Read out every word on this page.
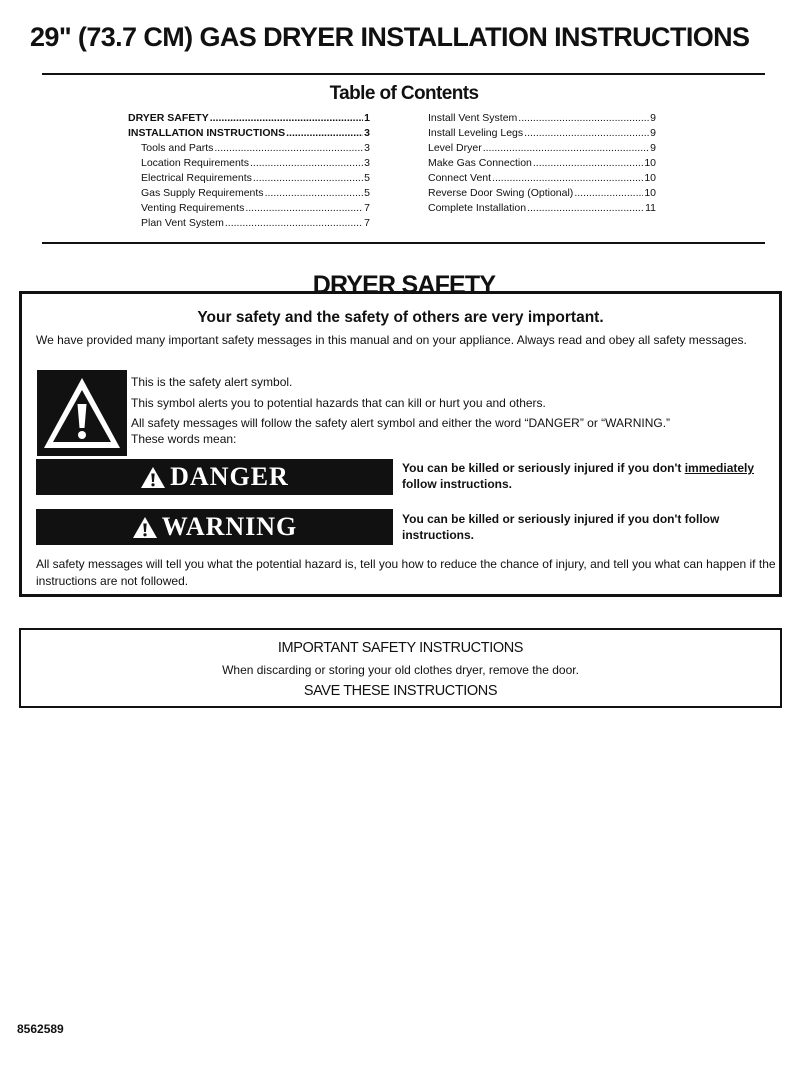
29" (73.7 CM) GAS DRYER INSTALLATION INSTRUCTIONS
Table of Contents
DRYER SAFETY .....	1
INSTALLATION INSTRUCTIONS .....	3
Tools and Parts .....	3
Location Requirements .....	3
Electrical Requirements .....	5
Gas Supply Requirements .....	5
Venting Requirements .....	7
Plan Vent System .....	7
Install Vent System .....	9
Install Leveling Legs .....	9
Level Dryer .....	9
Make Gas Connection .....	10
Connect Vent .....	10
Reverse Door Swing (Optional) .....	10
Complete Installation .....	11
DRYER SAFETY
Your safety and the safety of others are very important.

We have provided many important safety messages in this manual and on your appliance. Always read and obey all safety messages.

This is the safety alert symbol.

This symbol alerts you to potential hazards that can kill or hurt you and others.

All safety messages will follow the safety alert symbol and either the word “DANGER” or “WARNING.”

These words mean:

DANGER	You can be killed or seriously injured if you don't immediately
follow instructions.
WARNING	You can be killed or seriously injured if you don't follow instructions.

All safety messages will tell you what the potential hazard is, tell you how to reduce the chance of injury, and tell you what can happen if the instructions are not followed.

IMPORTANT SAFETY INSTRUCTIONS
When discarding or storing your old clothes dryer, remove the door.
SAVE THESE INSTRUCTIONS
8562589
